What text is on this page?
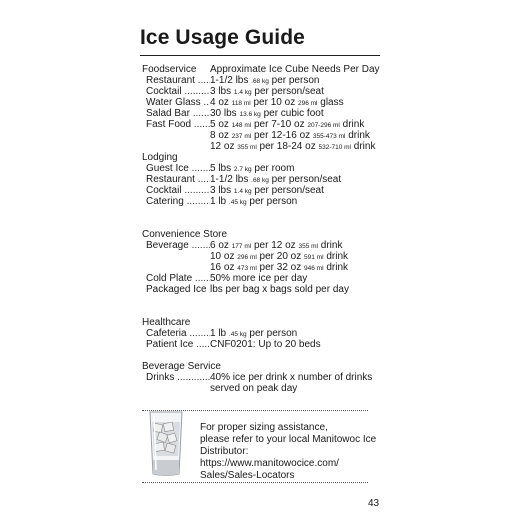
Ice Usage Guide
Foodservice Approximate Ice Cube Needs Per Day
Restaurant .....	1-1/2 lbs .68 kg per person
Cocktail .....	3 lbs 1.4 kg per person/seat
Water Glass ..... 4 oz 118 ml per 10 oz 296 ml glass
Salad Bar .....	30 lbs 13.6 kg per cubic foot
Fast Food .....	5 oz 148 ml per 7-10 oz 207-296 ml drink
8 oz 237 ml per 12-16 oz 355-473 ml drink
12 oz 355 ml per 18-24 oz 532-710 ml drink
Lodging
Guest Ice .....	5 lbs 2.7 kg per room
Restaurant .....	1-1/2 lbs .68 kg per person/seat
Cocktail .....	3 lbs 1.4 kg per person/seat
Catering .....	1 lb .45 kg per person
Convenience Store
Beverage .....	6 oz 177 ml per 12 oz 355 ml drink
10 oz 296 ml per 20 oz 591 ml drink
16 oz 473 ml per 32 oz 946 ml drink
Cold Plate .....	50% more ice per day
Packaged Ice ..... lbs per bag x bags sold per day
Healthcare
Cafeteria .....	1 lb .45 kg per person
Patient Ice .....	CNF0201: Up to 20 beds
Beverage Service
Drinks .....	40% ice per drink x number of drinks
served on peak day
For proper sizing assistance,
please refer to your local Manitowoc Ice
Distributor: https://www.manitowocice.com/
Sales/Sales-Locators
43
